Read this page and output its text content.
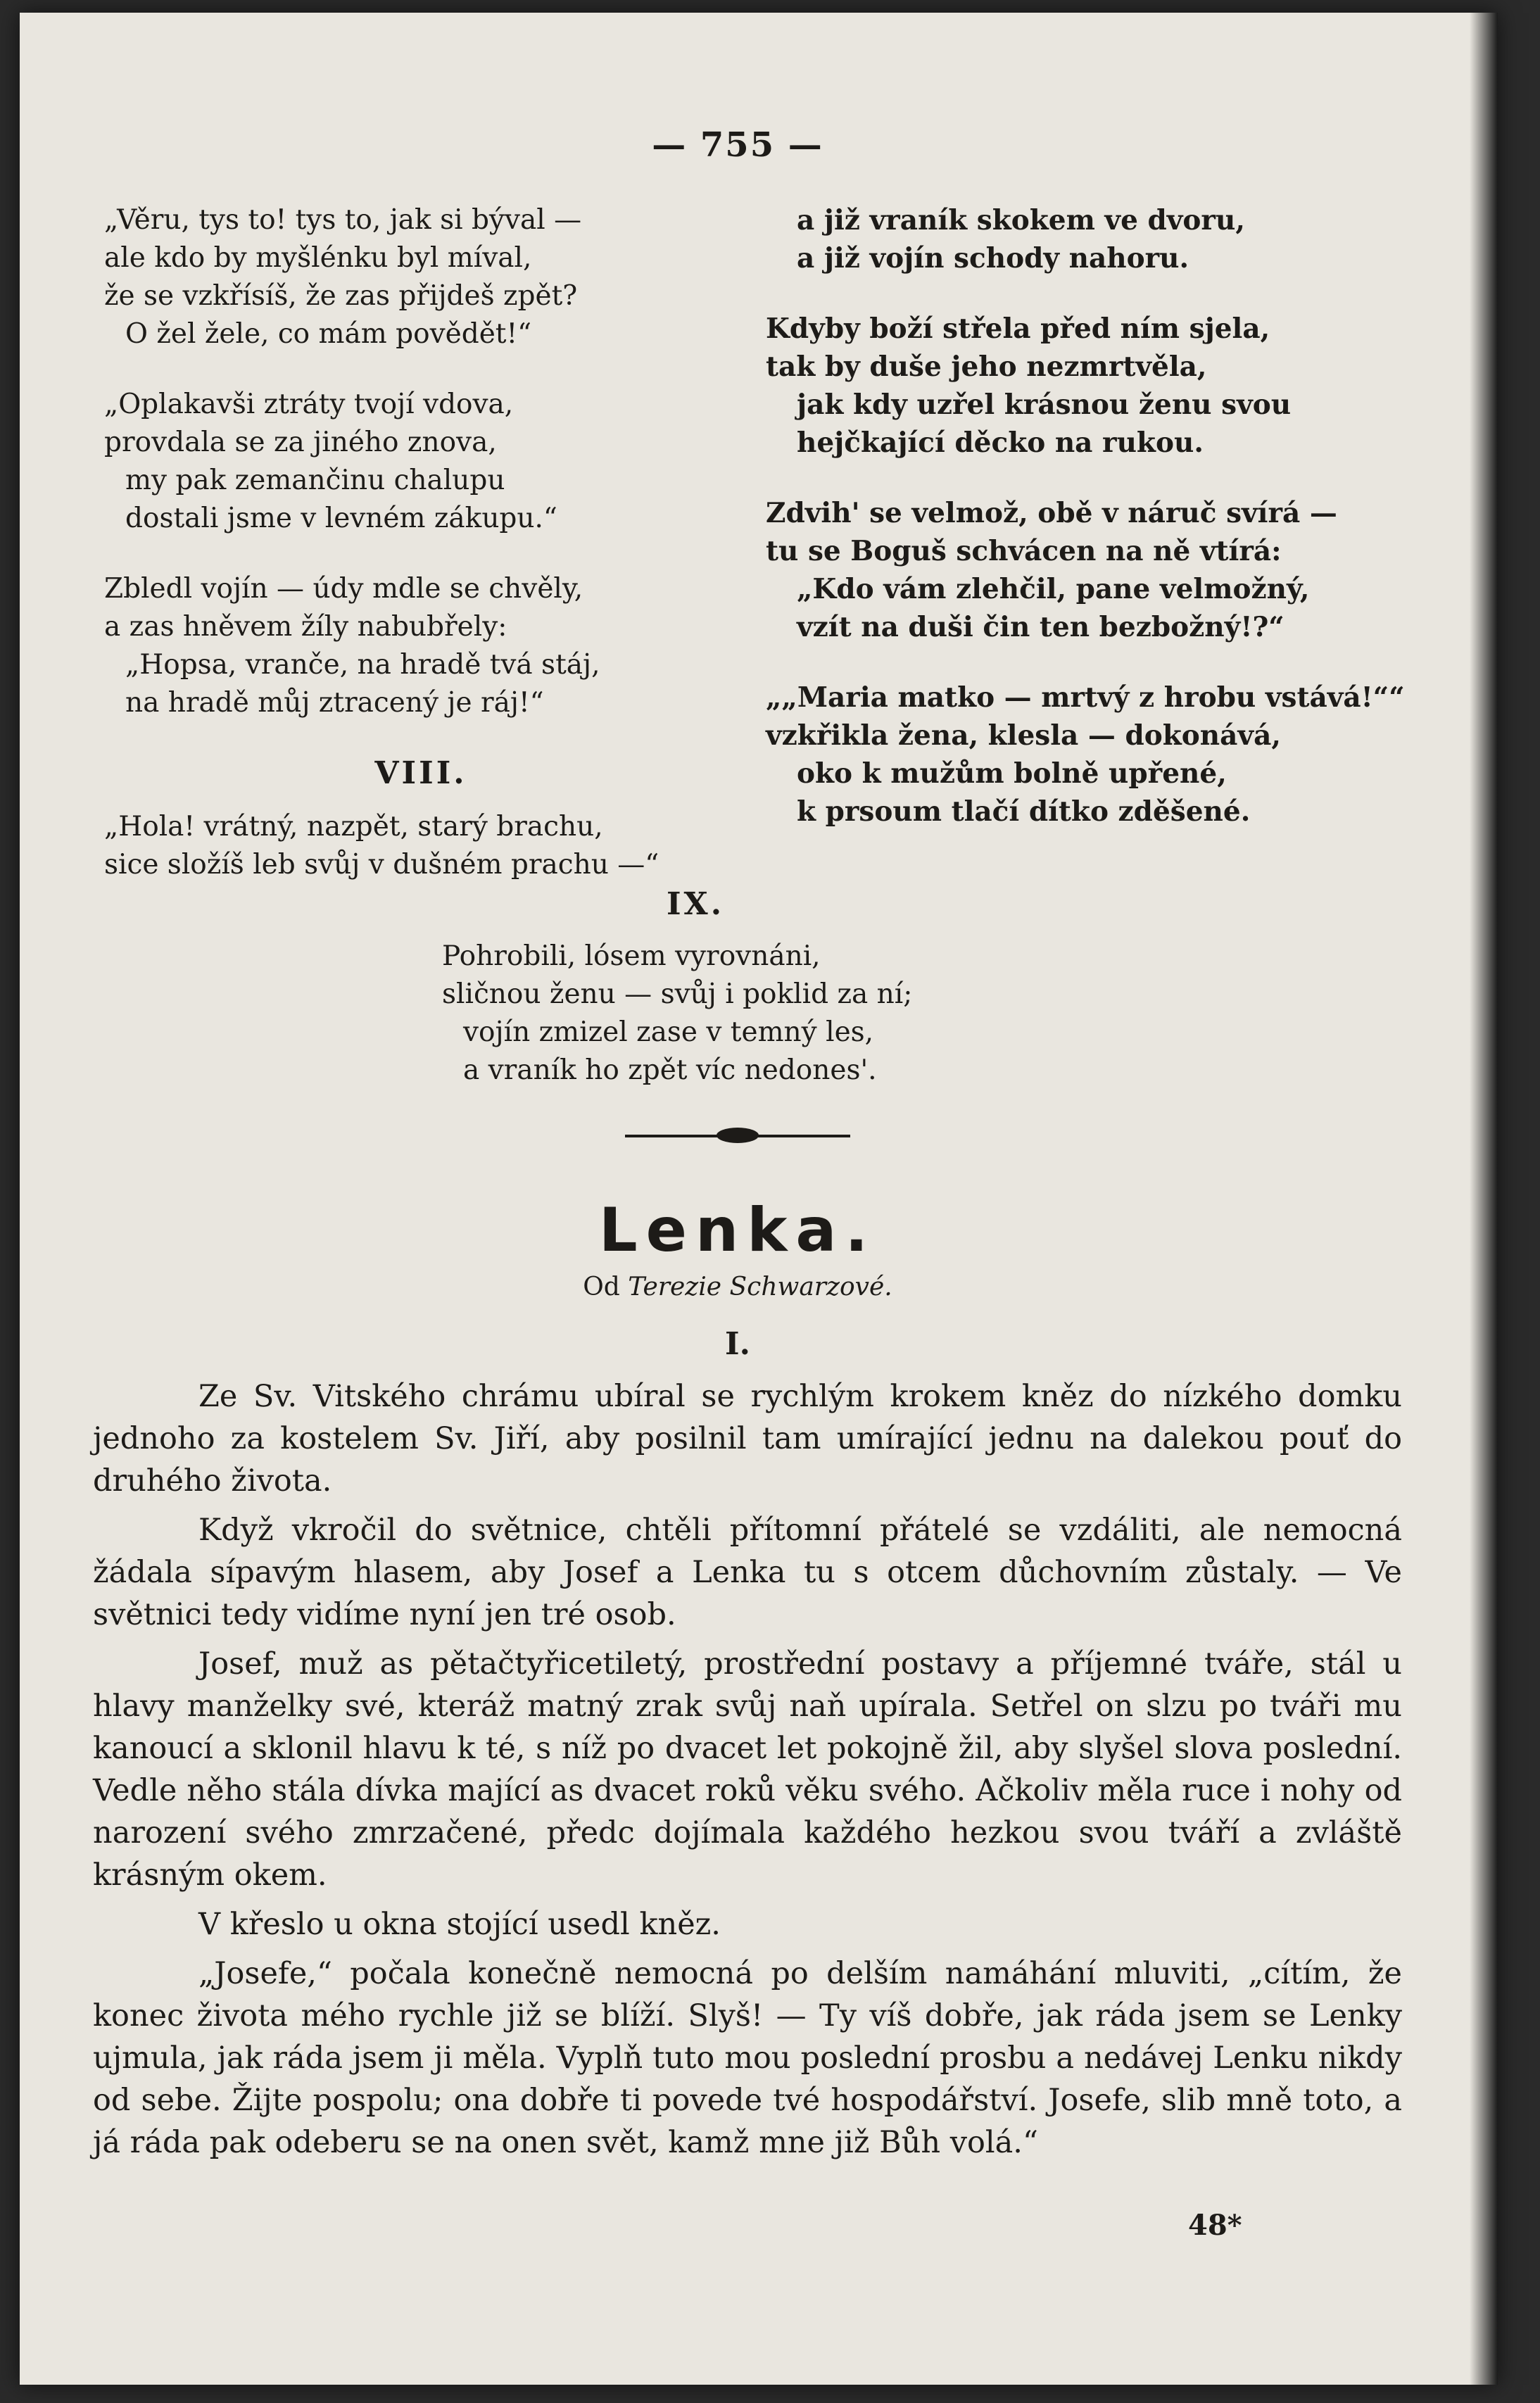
— 755 —
„Věru, tys to! tys to, jak si býval —
ale kdo by myšlénku byl míval,
že se vzkřísíš, že zas přijdeš zpět?
O žel žele, co mám povědět!“
„Oplakavši ztráty tvojí vdova,
provdala se za jiného znova,
my pak zemančinu chalupu
dostali jsme v levném zákupu.“
Zbledl vojín — údy mdle se chvěly,
a zas hněvem žíly nabubřely:
„Hopsa, vranče, na hradě tvá stáj,
na hradě můj ztracený je ráj!“
VIII.
„Hola! vrátný, nazpět, starý brachu,
sice složíš leb svůj v dušném prachu —“
a již vraník skokem ve dvoru,
a již vojín schody nahoru.
Kdyby boží střela před ním sjela,
tak by duše jeho nezmrtvěla,
jak kdy uzřel krásnou ženu svou
hejčkající děcko na rukou.
Zdvih' se velmož, obě v náruč svírá —
tu se Boguš schvácen na ně vtírá:
„Kdo vám zlehčil, pane velmožný,
vzít na duši čin ten bezbožný!?“
„„Maria matko — mrtvý z hrobu vstává!““
vzkřikla žena, klesla — dokonává,
oko k mužům bolně upřené,
k prsoum tlačí dítko zděšené.
IX.
Pohrobili, lósem vyrovnáni,
sličnou ženu — svůj i poklid za ní;
vojín zmizel zase v temný les,
a vraník ho zpět víc nedones'.
Lenka.
Od Terezie Schwarzové.
I.

Ze Sv. Vitského chrámu ubíral se rychlým krokem kněz do nízkého domku jednoho za kostelem Sv. Jiří, aby posilnil tam umírající jednu na dalekou pouť do druhého života.

Když vkročil do světnice, chtěli přítomní přátelé se vzdáliti, ale nemocná žádala sípavým hlasem, aby Josef a Lenka tu s otcem důchovním zůstaly. — Ve světnici tedy vidíme nyní jen tré osob.

Josef, muž as pětačtyřicetiletý, prostřední postavy a příjemné tváře, stál u hlavy manželky své, kteráž matný zrak svůj naň upírala. Setřel on slzu po tváři mu kanoucí a sklonil hlavu k té, s níž po dvacet let pokojně žil, aby slyšel slova poslední. Vedle něho stála dívka mající as dvacet roků věku svého. Ačkoliv měla ruce i nohy od narození svého zmrzačené, předc dojímala každého hezkou svou tváří a zvláště krásným okem.

V křeslo u okna stojící usedl kněz.

„Josefe,“ počala konečně nemocná po delším namáhání mluviti, „cítím, že konec života mého rychle již se blíží. Slyš! — Ty víš dobře, jak ráda jsem se Lenky ujmula, jak ráda jsem ji měla. Vyplň tuto mou poslední prosbu a nedávej Lenku nikdy od sebe. Žijte pospolu; ona dobře ti povede tvé hospodářství. Josefe, slib mně toto, a já ráda pak odeberu se na onen svět, kamž mne již Bůh volá.“

48*
